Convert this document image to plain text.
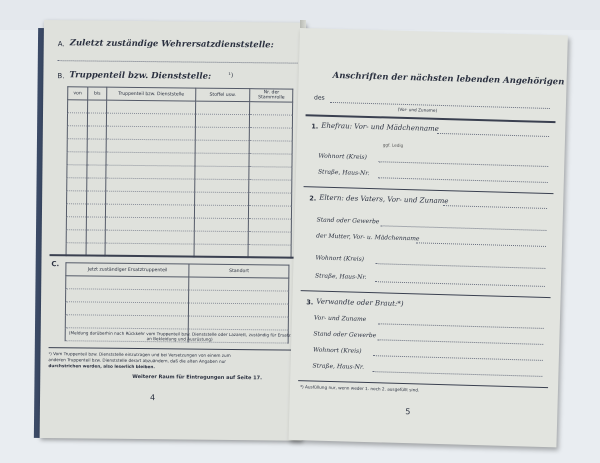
A. Zuletzt zuständige Wehrersatzdienststelle:
B. Truppenteil bzw. Dienststelle:	¹)
von	bis	Truppenteil bzw. Dienststelle	Stoffel usw.	Nr. der Stammrolle

C.
Jetzt zuständiger Ersatztruppenteil	Standort

(Meldung darüberhin nach Rückkehr vom Truppenteil bzw. Dienststelle oder Lazarett, zuständig für Ersatz an Bekleidung und Ausrüstung)
¹) Vom Truppenteil bzw. Dienststelle einzutragen und bei Versetzungen von einem zum
anderen Truppenteil bzw. Dienststelle derart abzuändern, daß die alten Angaben nur
durchstrichen werden, also leserlich bleiben.
Weiterer Raum für Eintragungen auf Seite 17.
4
Anschriften der nächsten lebenden Angehörigen
des
(Vor- und Zuname)
1. Ehefrau: Vor- und Mädchenname
ggf. Ledig
Wohnort (Kreis)
Straße, Haus-Nr.
2. Eltern: des Vaters, Vor- und Zuname
Stand oder Gewerbe
der Mutter, Vor- u. Mädchenname
Wohnort (Kreis)
Straße, Haus-Nr.
3. Verwandte oder Braut:*)
Vor- und Zuname
Stand oder Gewerbe
Wohnort (Kreis)
Straße, Haus-Nr.
*) Ausfüllung nur, wenn weder 1. noch 2. ausgefüllt sind.
5
